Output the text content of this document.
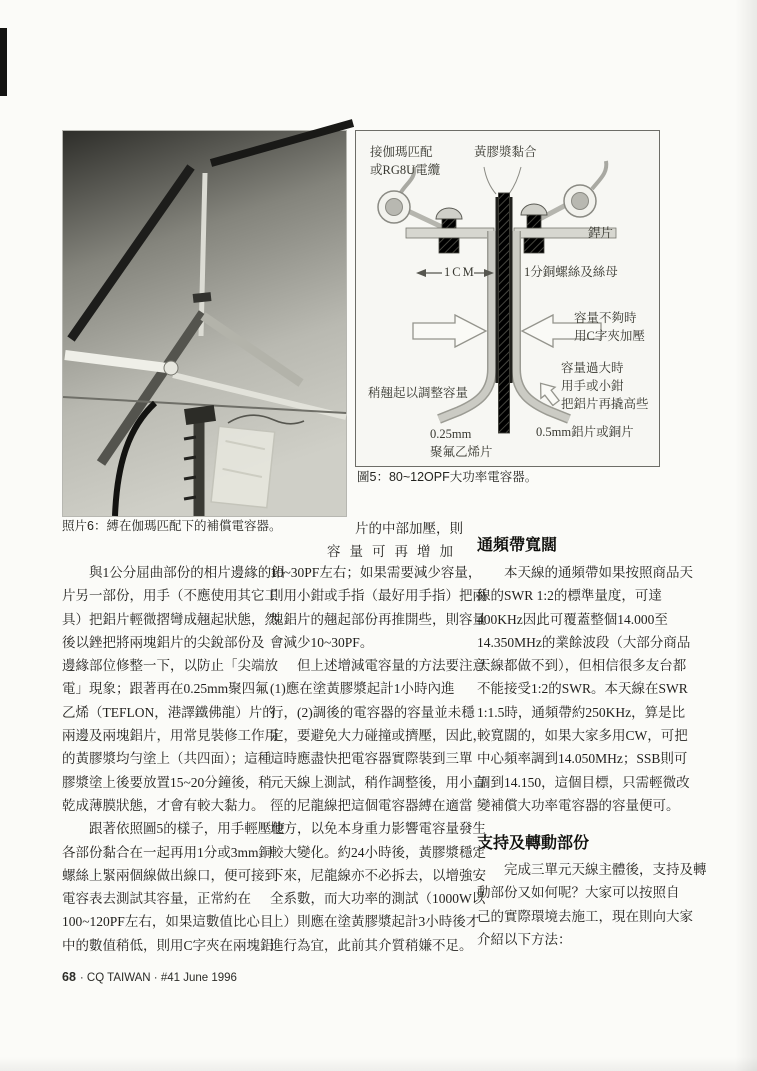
照片6：縛在伽瑪匹配下的補償電容器。
接伽瑪匹配
或RG8U電纜
黃膠漿黏合
銲片
1CM	1分銅螺絲及絲母
容量不夠時
用C字夾加壓
容量過大時
用手或小鉗
把鋁片再撬高些
稍翹起以調整容量
0.25mm
聚氟乙烯片
0.5mm鋁片或銅片
圖5：80~12OPF大功率電容器。
　　與1公分屈曲部份的相片邊緣的鋁
片另一部份，用手（不應使用其它工
具）把鋁片輕微摺彎成翹起狀態，然
後以銼把將兩塊鋁片的尖銳部份及
邊緣部位修整一下，以防止「尖端放
電」現象；跟著再在0.25mm聚四氟
乙烯（TEFLON，港譯鐵佛龍）片的
兩邊及兩塊鋁片，用常見裝修工作用
的黃膠漿均勻塗上（共四面）；這種
膠漿塗上後要放置15~20分鐘後，稍
乾成薄膜狀態，才會有較大黏力。
　　跟著依照圖5的樣子，用手輕壓使
各部份黏合在一起再用1分或3mm銅
螺絲上緊兩個線做出線口，便可接到
電容表去測試其容量，正常約在
100~120PF左右，如果這數值比心目
中的數值稍低，則用C字夾在兩塊鋁
片的中部加壓，則
容量可再增加
10~30PF左右；如果需要減少容量，
則用小鉗或手指（最好用手指）把兩
塊鋁片的翹起部份再推開些，則容量
會減少10~30PF。
　　但上述增減電容量的方法要注意
(1)應在塗黃膠漿起計1小時內進
行，(2)調後的電容器的容量並未穩
定，要避免大力碰撞或擠壓，因此，
這時應盡快把電容器實際裝到三單
元天線上測試，稍作調整後，用小直
徑的尼龍線把這個電容器縛在適當
地方，以免本身重力影響電容量發生
較大變化。約24小時後，黃膠漿穩定
下來，尼龍線亦不必拆去，以增強安
全系數，而大功率的測試（1000W以
上）則應在塗黃膠漿起計3小時後才
進行為宜，此前其介質稍嫌不足。
通頻帶寬闊
　　本天線的通頻帶如果按照商品天
線的SWR 1:2的標準量度，可達
400KHz因此可覆蓋整個14.000至
14.350MHz的業餘波段（大部分商品
天線都做不到），但相信很多友台都
不能接受1:2的SWR。本天線在SWR
1:1.5時，通頻帶約250KHz，算是比
較寬闊的，如果大家多用CW，可把
中心頻率調到14.050MHz；SSB則可
調到14.150，這個目標，只需輕微改
變補償大功率電容器的容量便可。
支持及轉動部份
　　完成三單元天線主體後，支持及轉
動部份又如何呢？大家可以按照自
己的實際環境去施工，現在則向大家
介紹以下方法：
68 · CQ TAIWAN · #41 June 1996
